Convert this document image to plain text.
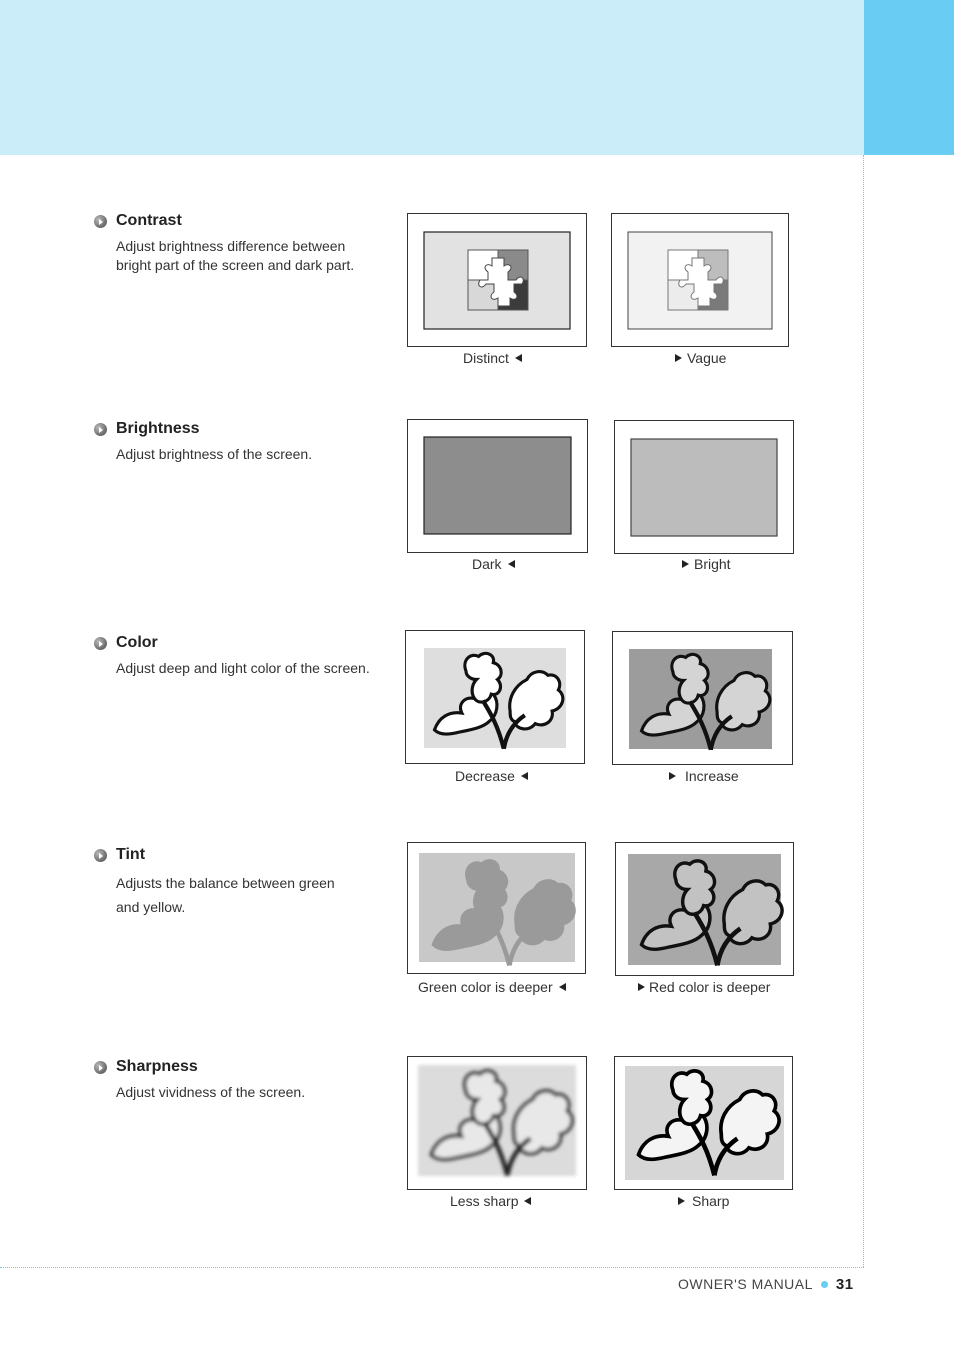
Contrast
Adjust brightness difference between
bright part of the screen and dark part.
Distinct	Vague
Brightness
Adjust brightness of the screen.
Dark	Bright
Color
Adjust deep and light color of the screen.
Decrease	Increase
Tint
Adjusts the balance between green
and yellow.
Green color is deeper	Red color is deeper
Sharpness
Adjust vividness of the screen.
Less sharp	Sharp
OWNER'S MANUAL 31
